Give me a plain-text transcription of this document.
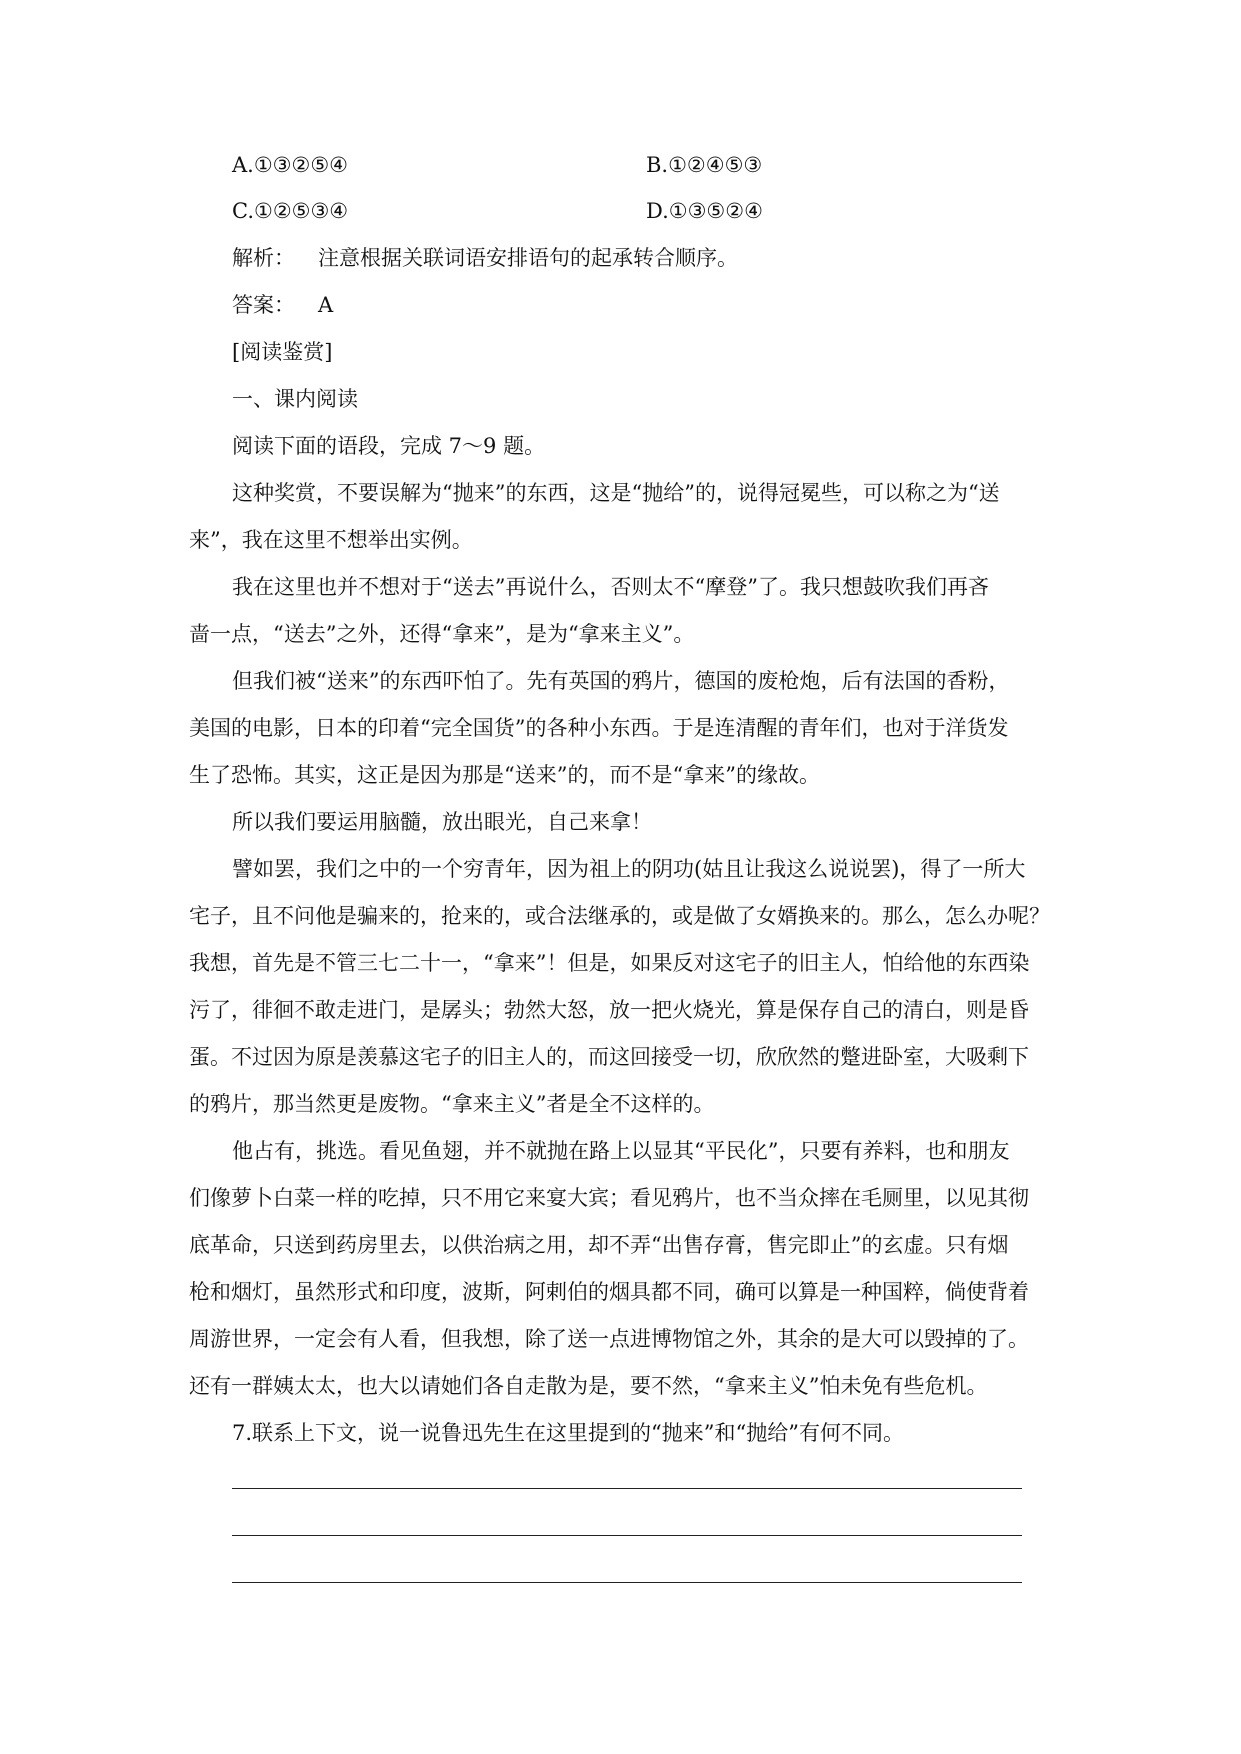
A.①③②⑤④	B.①②④⑤③
C.①②⑤③④	D.①③⑤②④
解析： 注意根据关联词语安排语句的起承转合顺序。
答案： A
[阅读鉴赏]
一、课内阅读
阅读下面的语段，完成 7～9 题。
这种奖赏，不要误解为“抛来”的东西，这是“抛给”的，说得冠冕些，可以称之为“送
来”，我在这里不想举出实例。
我在这里也并不想对于“送去”再说什么，否则太不“摩登”了。我只想鼓吹我们再吝
啬一点，“送去”之外，还得“拿来”，是为“拿来主义”。
但我们被“送来”的东西吓怕了。先有英国的鸦片，德国的废枪炮，后有法国的香粉，
美国的电影，日本的印着“完全国货”的各种小东西。于是连清醒的青年们，也对于洋货发
生了恐怖。其实，这正是因为那是“送来”的，而不是“拿来”的缘故。
所以我们要运用脑髓，放出眼光，自己来拿！
譬如罢，我们之中的一个穷青年，因为祖上的阴功(姑且让我这么说说罢)，得了一所大
宅子，且不问他是骗来的，抢来的，或合法继承的，或是做了女婿换来的。那么，怎么办呢？
我想，首先是不管三七二十一，“拿来”！但是，如果反对这宅子的旧主人，怕给他的东西染
污了，徘徊不敢走进门，是孱头；勃然大怒，放一把火烧光，算是保存自己的清白，则是昏
蛋。不过因为原是羡慕这宅子的旧主人的，而这回接受一切，欣欣然的蹩进卧室，大吸剩下
的鸦片，那当然更是废物。“拿来主义”者是全不这样的。
他占有，挑选。看见鱼翅，并不就抛在路上以显其“平民化”，只要有养料，也和朋友
们像萝卜白菜一样的吃掉，只不用它来宴大宾；看见鸦片，也不当众摔在毛厕里，以见其彻
底革命，只送到药房里去，以供治病之用，却不弄“出售存膏，售完即止”的玄虚。只有烟
枪和烟灯，虽然形式和印度，波斯，阿剌伯的烟具都不同，确可以算是一种国粹，倘使背着
周游世界，一定会有人看，但我想，除了送一点进博物馆之外，其余的是大可以毁掉的了。
还有一群姨太太，也大以请她们各自走散为是，要不然，“拿来主义”怕未免有些危机。
7.联系上下文，说一说鲁迅先生在这里提到的“抛来”和“抛给”有何不同。
